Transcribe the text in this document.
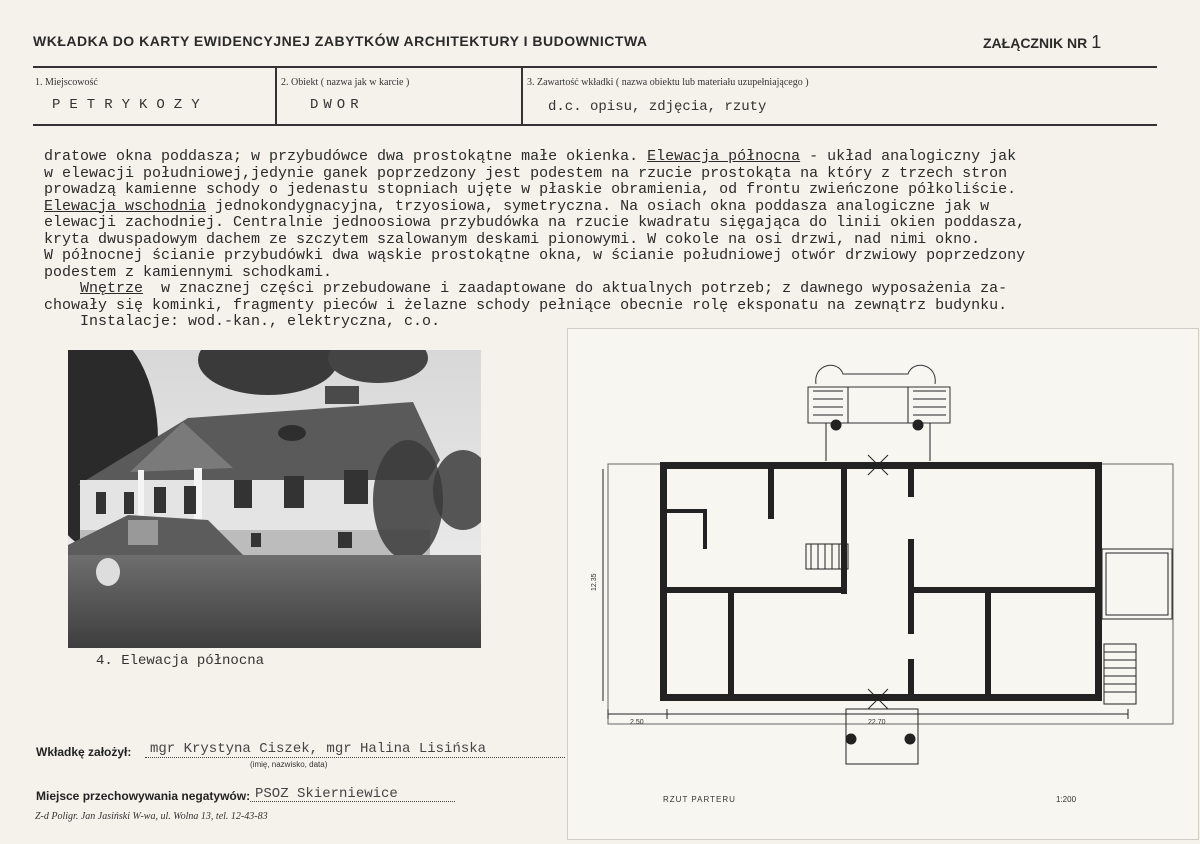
WKŁADKA DO KARTY EWIDENCYJNEJ ZABYTKÓW ARCHITEKTURY I BUDOWNICTWA	ZAŁĄCZNIK NR 1
1. Miejscowość
PETRYKOZY
2. Obiekt ( nazwa jak w karcie )
DWOR
3. Zawartość wkładki ( nazwa obiektu lub materiału uzupełniającego )
d.c. opisu, zdjęcia, rzuty
dratowe okna poddasza; w przybudówce dwa prostokątne małe okienka. Elewacja północna - układ analogiczny jak
w elewacji południowej,jedynie ganek poprzedzony jest podestem na rzucie prostokąta na który z trzech stron
prowadzą kamienne schody o jedenastu stopniach ujęte w płaskie obramienia, od frontu zwieńczone półkoliście.
Elewacja wschodnia jednokondygnacyjna, trzyosiowa, symetryczna. Na osiach okna poddasza analogiczne jak w
elewacji zachodniej. Centralnie jednoosiowa przybudówka na rzucie kwadratu sięgająca do linii okien poddasza,
kryta dwuspadowym dachem ze szczytem szalowanym deskami pionowymi. W cokole na osi drzwi, nad nimi okno.
W północnej ścianie przybudówki dwa wąskie prostokątne okna, w ścianie południowej otwór drzwiowy poprzedzony
podestem z kamiennymi schodkami.
Wnętrze  w znacznej części przebudowane i zaadaptowane do aktualnych potrzeb; z dawnego wyposażenia za-
chowały się kominki, fragmenty pieców i żelazne schody pełniące obecnie rolę eksponatu na zewnątrz budynku.
Instalacje: wod.-kan., elektryczna, c.o.
4. Elewacja północna
12.35
2.50	22.70
RZUT PARTERU	1:200
Wkładkę założył: mgr Krystyna Ciszek, mgr Halina Lisińska
(imię, nazwisko, data)
Miejsce przechowywania negatywów: PSOZ Skierniewice
Z-d Poligr. Jan Jasiński W-wa, ul. Wolna 13, tel. 12-43-83
